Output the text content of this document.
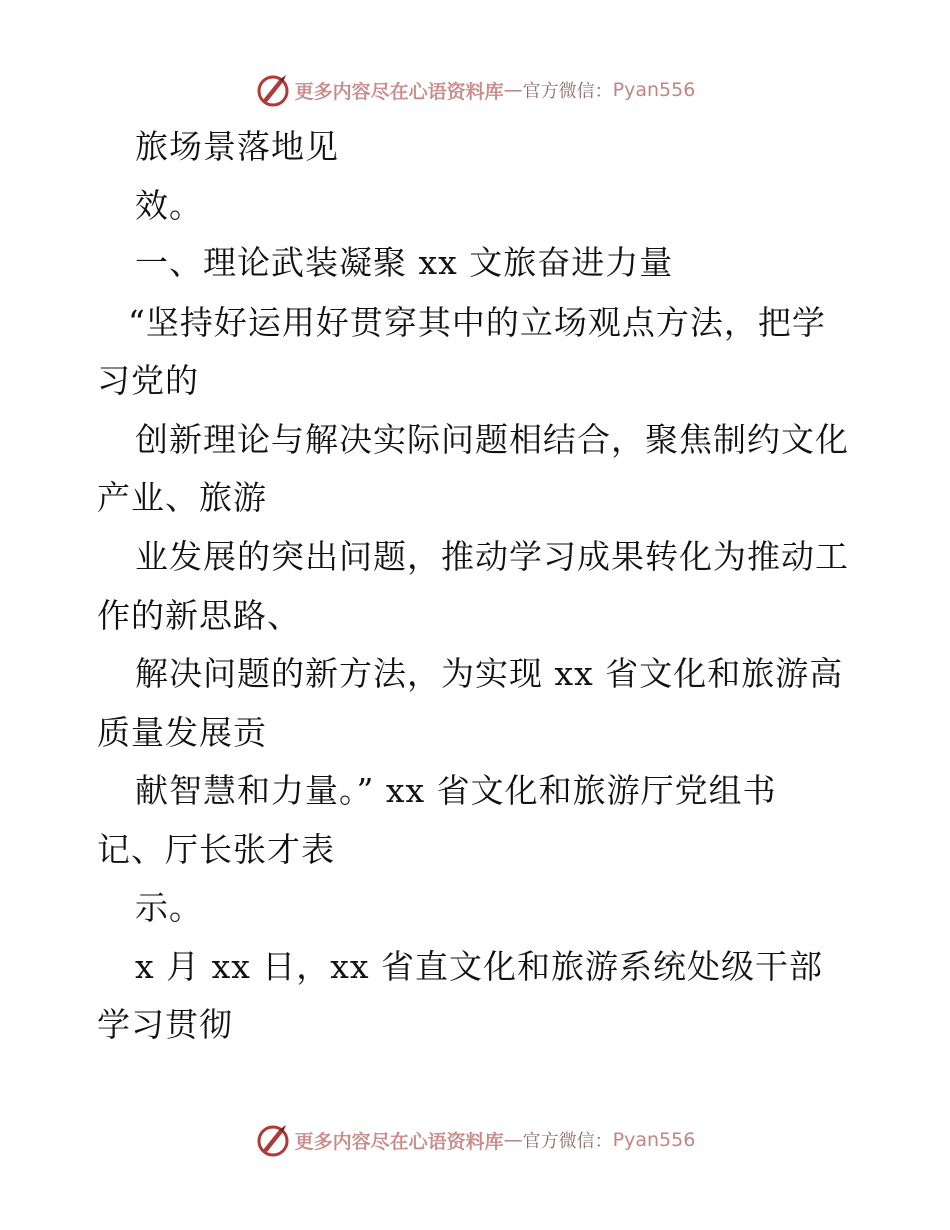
更多内容尽在心语资料库 — 官方微信： Pyan556
旅场景落地见
效。
一、理论武装凝聚 xx 文旅奋进力量
“坚持好运用好贯穿其中的立场观点方法，把学
习党的
创新理论与解决实际问题相结合，聚焦制约文化
产业、旅游
业发展的突出问题，推动学习成果转化为推动工
作的新思路、
解决问题的新方法，为实现 xx 省文化和旅游高
质量发展贡
献智慧和力量。” xx 省文化和旅游厅党组书
记、厅长张才表
示。
x 月 xx 日，xx 省直文化和旅游系统处级干部
学习贯彻
更多内容尽在心语资料库 — 官方微信： Pyan556
